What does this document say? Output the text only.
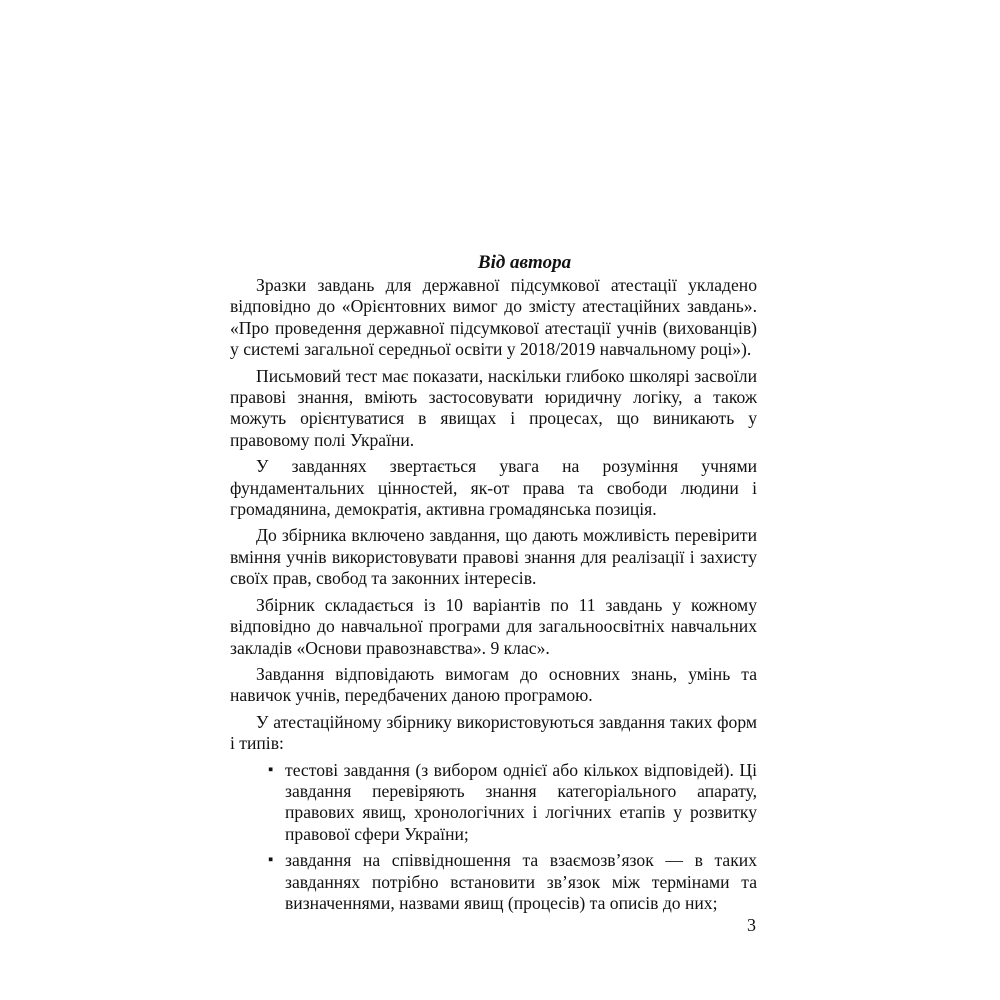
Від автора

Зразки завдань для державної підсумкової атестації укладено відповідно до «Орієнтовних вимог до змісту атестаційних завдань». «Про проведення державної підсумкової атестації учнів (вихованців) у системі загальної середньої освіти у 2018/2019 навчальному році»).

Письмовий тест має показати, наскільки глибоко школярі засвоїли правові знання, вміють застосовувати юридичну логіку, а також можуть орієнтуватися в явищах і процесах, що виникають у правовому полі України.

У завданнях звертається увага на розуміння учнями фундаментальних цінностей, як-от права та свободи людини і громадянина, демократія, активна громадянська позиція.

До збірника включено завдання, що дають можливість перевірити вміння учнів використовувати правові знання для реалізації і захисту своїх прав, свобод та законних інтересів.

Збірник складається із 10 варіантів по 11 завдань у кожному відповідно до навчальної програми для загальноосвітніх навчальних закладів «Основи правознавства». 9 клас».

Завдання відповідають вимогам до основних знань, умінь та навичок учнів, передбачених даною програмою.

У атестаційному збірнику використовуються завдання таких форм і типів:

▪ тестові завдання (з вибором однієї або кількох відповідей). Ці завдання перевіряють знання категоріального апарату, правових явищ, хронологічних і логічних етапів у розвитку правової сфери України;
▪ завдання на співвідношення та взаємозв’язок — в таких завданнях потрібно встановити зв’язок між термінами та визначеннями, назвами явищ (процесів) та описів до них;
3
